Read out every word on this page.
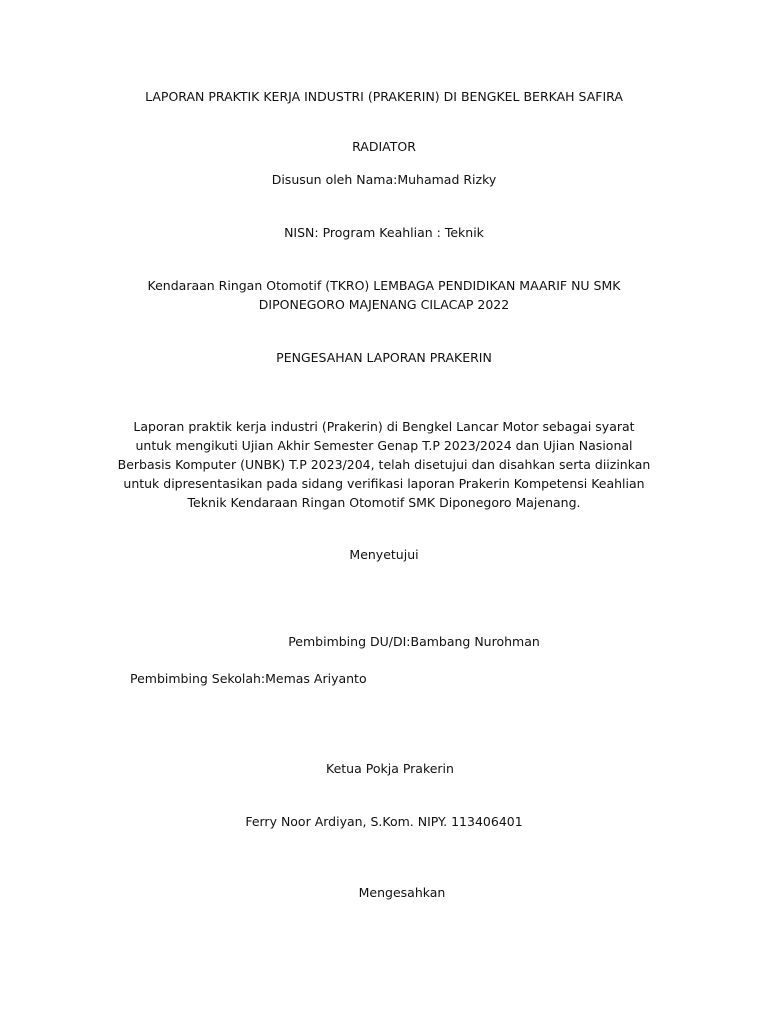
LAPORAN PRAKTIK KERJA INDUSTRI (PRAKERIN) DI BENGKEL BERKAH SAFIRA
RADIATOR
Disusun oleh Nama:Muhamad Rizky
NISN: Program Keahlian : Teknik
Kendaraan Ringan Otomotif (TKRO) LEMBAGA PENDIDIKAN MAARIF NU SMK
DIPONEGORO MAJENANG CILACAP 2022
PENGESAHAN LAPORAN PRAKERIN
Laporan praktik kerja industri (Prakerin) di Bengkel Lancar Motor sebagai syarat
untuk mengikuti Ujian Akhir Semester Genap T.P 2023/2024 dan Ujian Nasional
Berbasis Komputer (UNBK) T.P 2023/204, telah disetujui dan disahkan serta diizinkan
untuk dipresentasikan pada sidang verifikasi laporan Prakerin Kompetensi Keahlian
Teknik Kendaraan Ringan Otomotif SMK Diponegoro Majenang.
Menyetujui
Pembimbing DU/DI:Bambang Nurohman
Pembimbing Sekolah:Memas Ariyanto
Ketua Pokja Prakerin
Ferry Noor Ardiyan, S.Kom. NIPY. 113406401
Mengesahkan
